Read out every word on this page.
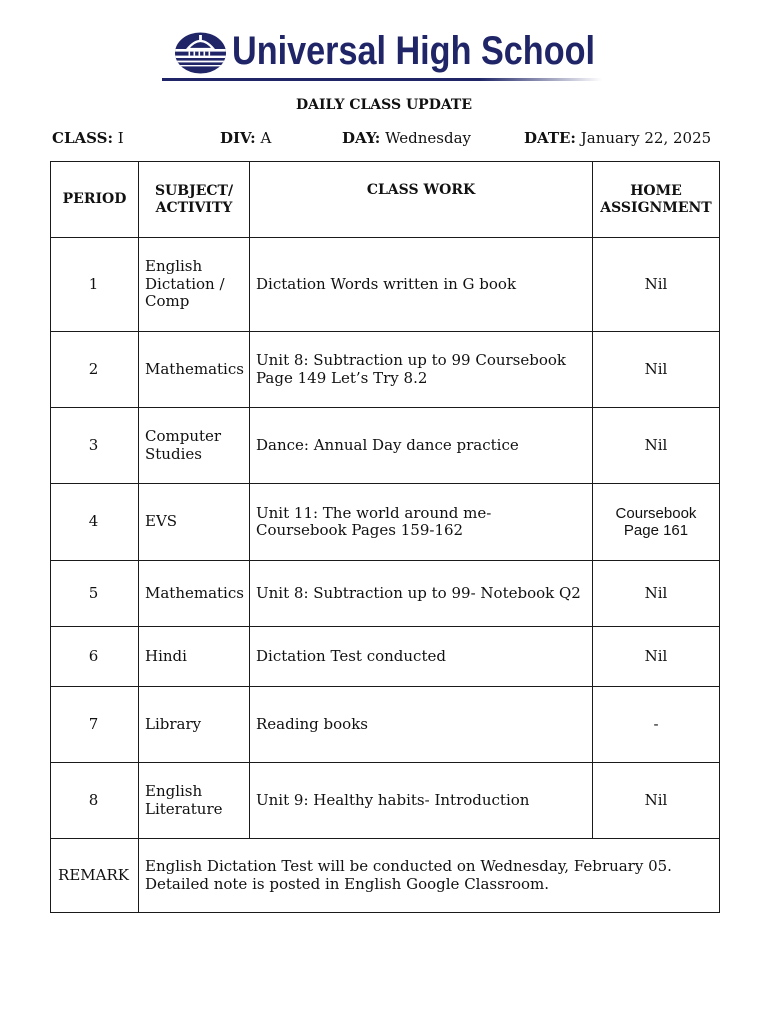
Universal High School
DAILY CLASS UPDATE
CLASS: I	DIV: A	DAY: Wednesday	DATE: January 22, 2025
PERIOD	SUBJECT/ ACTIVITY	CLASS WORK	HOME ASSIGNMENT
1	English Dictation / Comp	Dictation Words written in G book	Nil
2	Mathematics	Unit 8: Subtraction up to 99 Coursebook Page 149 Let’s Try 8.2	Nil
3	Computer Studies	Dance: Annual Day dance practice	Nil
4	EVS	Unit 11: The world around me- Coursebook Pages 159-162	Coursebook Page 161
5	Mathematics	Unit 8: Subtraction up to 99- Notebook Q2	Nil
6	Hindi	Dictation Test conducted	Nil
7	Library	Reading books	-
8	English Literature	Unit 9: Healthy habits- Introduction	Nil
REMARK	English Dictation Test will be conducted on Wednesday, February 05. Detailed note is posted in English Google Classroom.		
